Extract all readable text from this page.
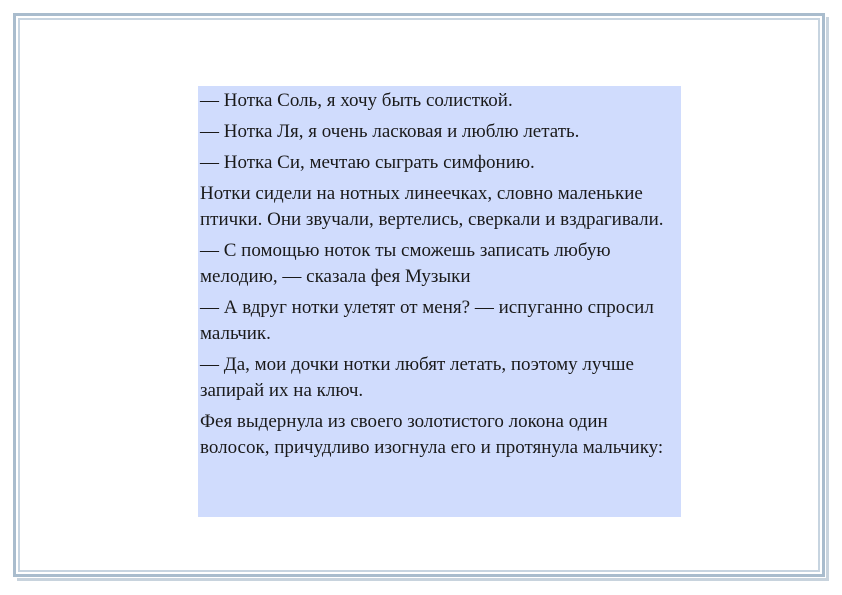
— Нотка Соль, я хочу быть солисткой.

— Нотка Ля, я очень ласковая и люблю летать.

— Нотка Си, мечтаю сыграть симфонию.

Нотки сидели на нотных линеечках, словно маленькие птички. Они звучали, вертелись, сверкали и вздрагивали.

— С помощью ноток ты сможешь записать любую мелодию, — сказала фея Музыки

— А вдруг нотки улетят от меня? — испуганно спросил мальчик.

— Да, мои дочки нотки любят летать, поэтому лучше запирай их на ключ.

Фея выдернула из своего золотистого локона один волосок, причудливо изогнула его и протянула мальчику:
